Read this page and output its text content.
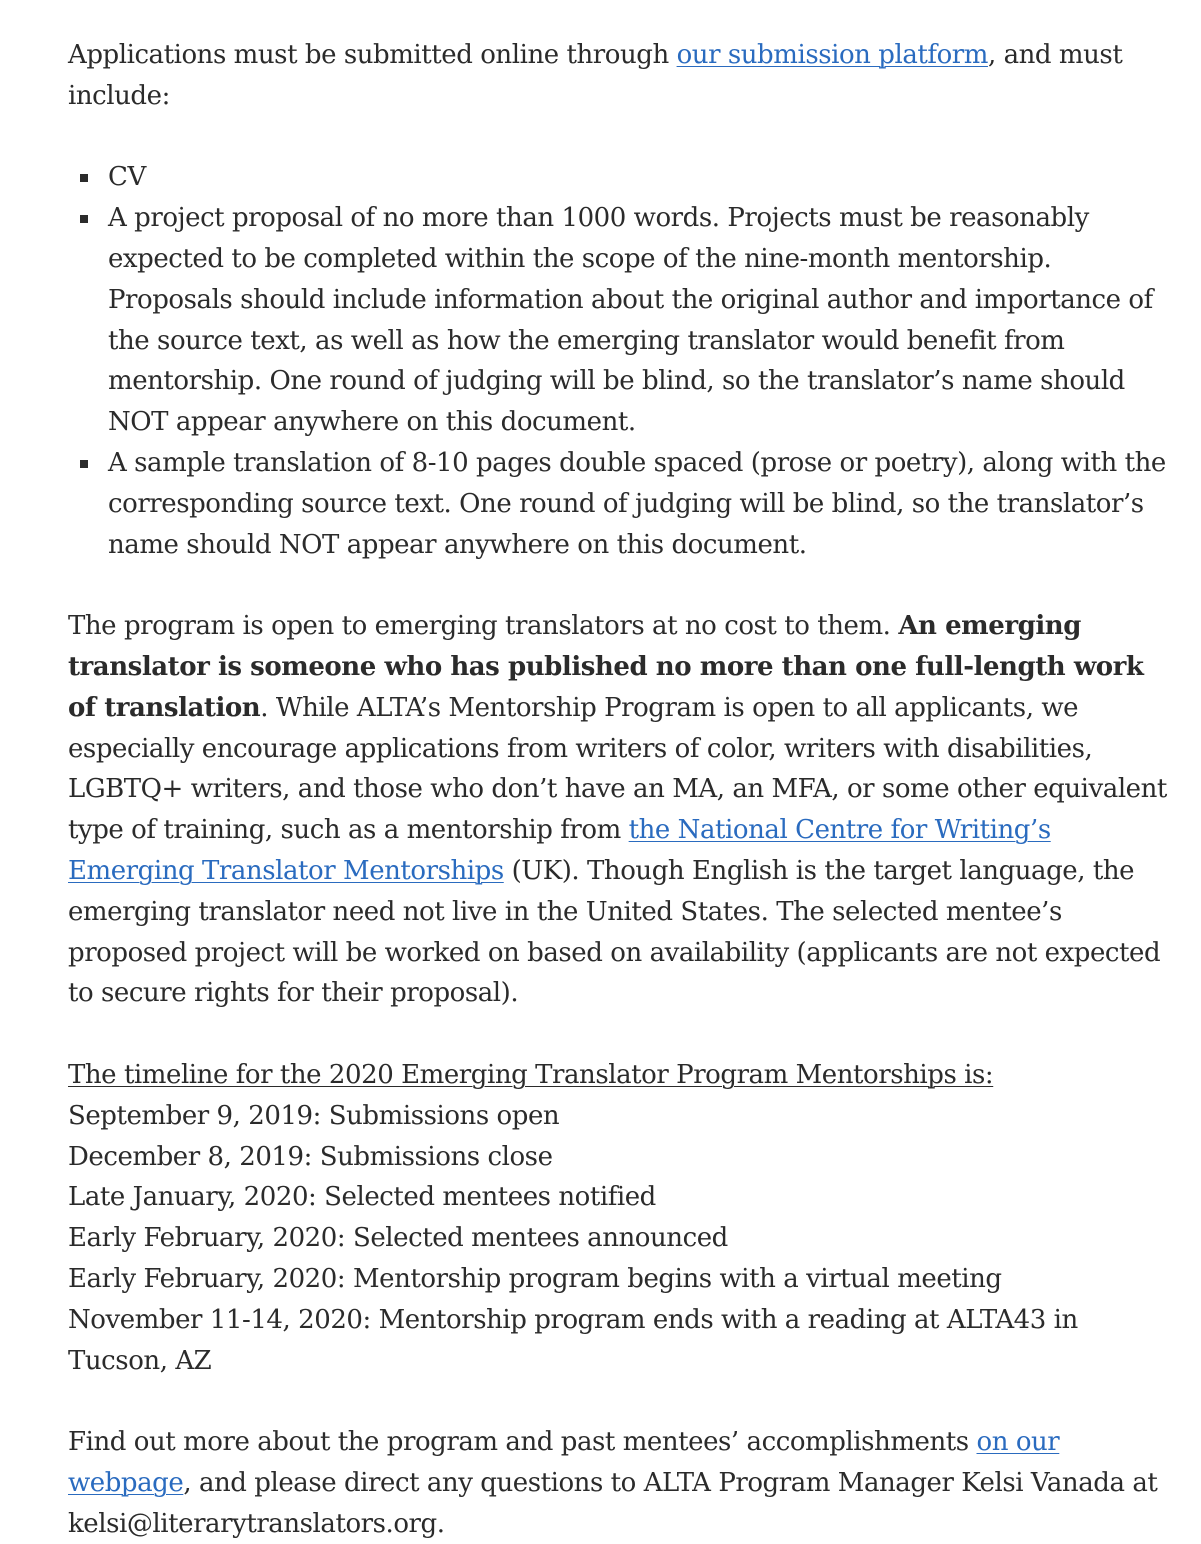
Applications must be submitted online through our submission platform, and must include:

CV
A project proposal of no more than 1000 words. Projects must be reasonably expected to be completed within the scope of the nine-month mentorship. Proposals should include information about the original author and importance of the source text, as well as how the emerging translator would benefit from mentorship. One round of judging will be blind, so the translator’s name should NOT appear anywhere on this document.
A sample translation of 8-10 pages double spaced (prose or poetry), along with the corresponding source text. One round of judging will be blind, so the translator’s name should NOT appear anywhere on this document.

The program is open to emerging translators at no cost to them. An emerging translator is someone who has published no more than one full-length work of translation. While ALTA’s Mentorship Program is open to all applicants, we especially encourage applications from writers of color, writers with disabilities, LGBTQ+ writers, and those who don’t have an MA, an MFA, or some other equivalent type of training, such as a mentorship from the National Centre for Writing’s Emerging Translator Mentorships (UK). Though English is the target language, the emerging translator need not live in the United States. The selected mentee’s proposed project will be worked on based on availability (applicants are not expected to secure rights for their proposal).

The timeline for the 2020 Emerging Translator Program Mentorships is:
September 9, 2019: Submissions open
December 8, 2019: Submissions close
Late January, 2020: Selected mentees notified
Early February, 2020: Selected mentees announced
Early February, 2020: Mentorship program begins with a virtual meeting
November 11-14, 2020: Mentorship program ends with a reading at ALTA43 in Tucson, AZ

Find out more about the program and past mentees’ accomplishments on our webpage, and please direct any questions to ALTA Program Manager Kelsi Vanada at kelsi@literarytranslators.org.
